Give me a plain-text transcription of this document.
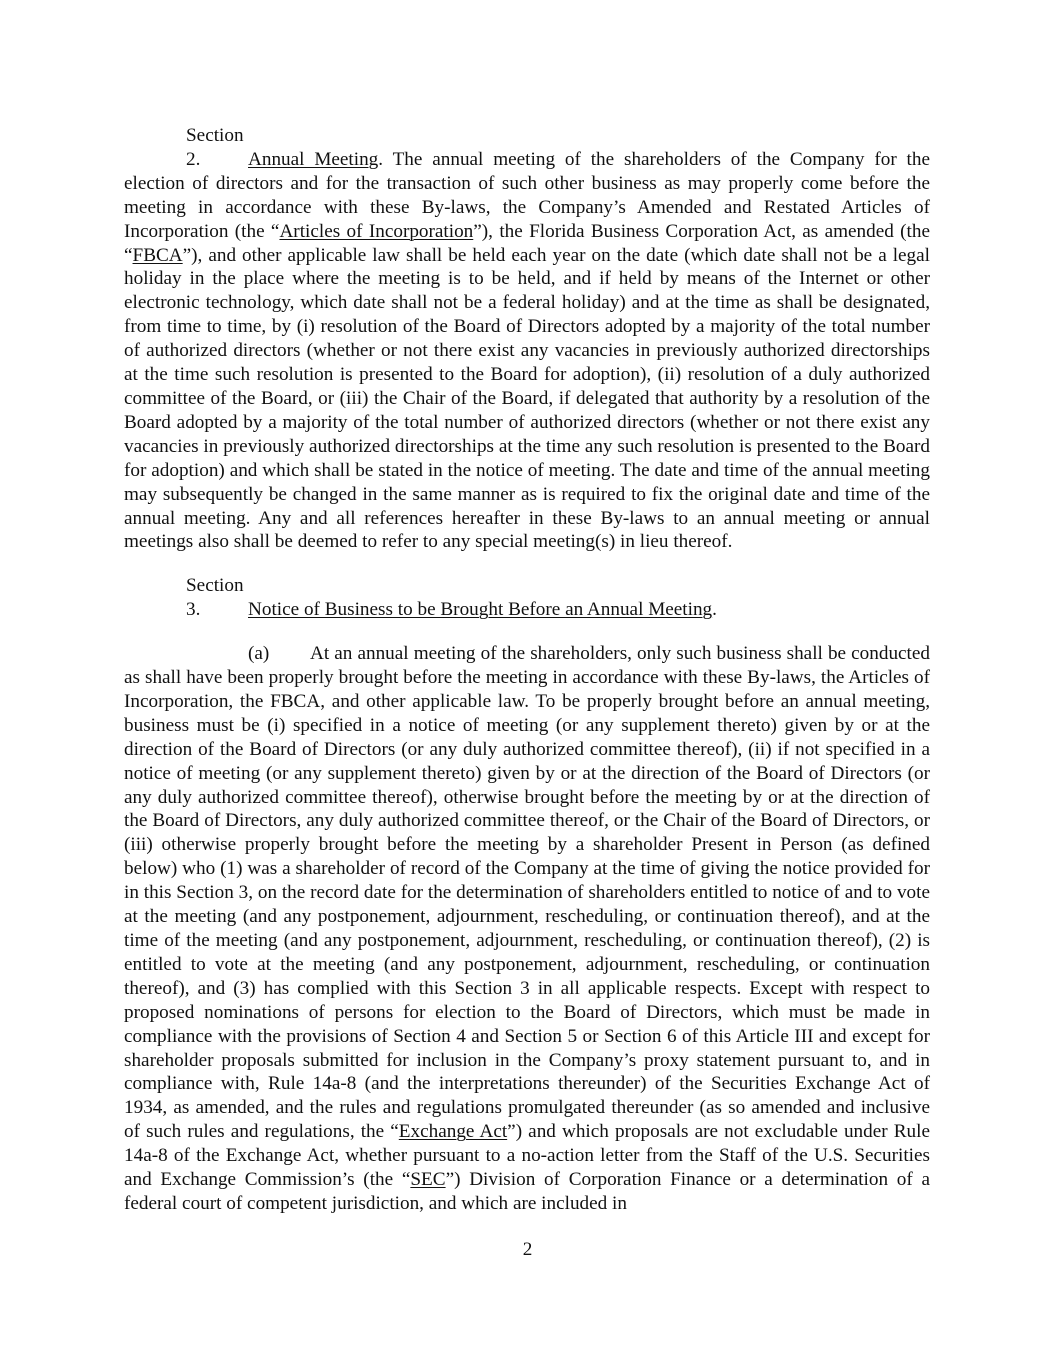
Section 2. Annual Meeting. The annual meeting of the shareholders of the Company for the election of directors and for the transaction of such other business as may properly come before the meeting in accordance with these By-laws, the Company’s Amended and Restated Articles of Incorporation (the “Articles of Incorporation”), the Florida Business Corporation Act, as amended (the “FBCA”), and other applicable law shall be held each year on the date (which date shall not be a legal holiday in the place where the meeting is to be held, and if held by means of the Internet or other electronic technology, which date shall not be a federal holiday) and at the time as shall be designated, from time to time, by (i) resolution of the Board of Directors adopted by a majority of the total number of authorized directors (whether or not there exist any vacancies in previously authorized directorships at the time such resolution is presented to the Board for adoption), (ii) resolution of a duly authorized committee of the Board, or (iii) the Chair of the Board, if delegated that authority by a resolution of the Board adopted by a majority of the total number of authorized directors (whether or not there exist any vacancies in previously authorized directorships at the time any such resolution is presented to the Board for adoption) and which shall be stated in the notice of meeting. The date and time of the annual meeting may subsequently be changed in the same manner as is required to fix the original date and time of the annual meeting. Any and all references hereafter in these By-laws to an annual meeting or annual meetings also shall be deemed to refer to any special meeting(s) in lieu thereof.

Section 3. Notice of Business to be Brought Before an Annual Meeting.

(a) At an annual meeting of the shareholders, only such business shall be conducted as shall have been properly brought before the meeting in accordance with these By-laws, the Articles of Incorporation, the FBCA, and other applicable law. To be properly brought before an annual meeting, business must be (i) specified in a notice of meeting (or any supplement thereto) given by or at the direction of the Board of Directors (or any duly authorized committee thereof), (ii) if not specified in a notice of meeting (or any supplement thereto) given by or at the direction of the Board of Directors (or any duly authorized committee thereof), otherwise brought before the meeting by or at the direction of the Board of Directors, any duly authorized committee thereof, or the Chair of the Board of Directors, or (iii) otherwise properly brought before the meeting by a shareholder Present in Person (as defined below) who (1) was a shareholder of record of the Company at the time of giving the notice provided for in this Section 3, on the record date for the determination of shareholders entitled to notice of and to vote at the meeting (and any postponement, adjournment, rescheduling, or continuation thereof), and at the time of the meeting (and any postponement, adjournment, rescheduling, or continuation thereof), (2) is entitled to vote at the meeting (and any postponement, adjournment, rescheduling, or continuation thereof), and (3) has complied with this Section 3 in all applicable respects. Except with respect to proposed nominations of persons for election to the Board of Directors, which must be made in compliance with the provisions of Section 4 and Section 5 or Section 6 of this Article III and except for shareholder proposals submitted for inclusion in the Company’s proxy statement pursuant to, and in compliance with, Rule 14a-8 (and the interpretations thereunder) of the Securities Exchange Act of 1934, as amended, and the rules and regulations promulgated thereunder (as so amended and inclusive of such rules and regulations, the “Exchange Act”) and which proposals are not excludable under Rule 14a-8 of the Exchange Act, whether pursuant to a no-action letter from the Staff of the U.S. Securities and Exchange Commission’s (the “SEC”) Division of Corporation Finance or a determination of a federal court of competent jurisdiction, and which are included in

2
